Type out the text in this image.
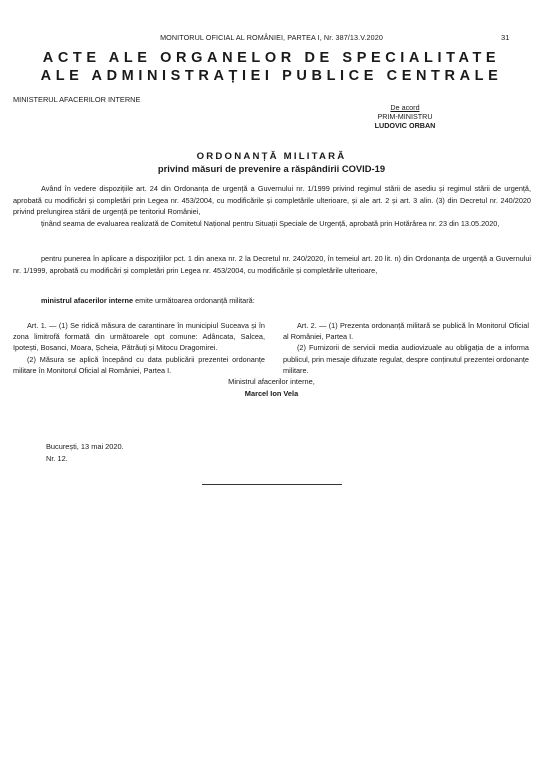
MONITORUL OFICIAL AL ROMÂNIEI, PARTEA I, Nr. 387/13.V.2020	31
ACTE ALE ORGANELOR DE SPECIALITATE
ALE ADMINISTRAȚIEI PUBLICE CENTRALE
MINISTERUL AFACERILOR INTERNE
De acord
PRIM-MINISTRU
LUDOVIC ORBAN
ORDONANȚĂ MILITARĂ
privind măsuri de prevenire a răspândirii COVID-19

Având în vedere dispozițiile art. 24 din Ordonanța de urgență a Guvernului nr. 1/1999 privind regimul stării de asediu și regimul stării de urgență, aprobată cu modificări și completări prin Legea nr. 453/2004, cu modificările și completările ulterioare, și ale art. 2 și art. 3 alin. (3) din Decretul nr. 240/2020 privind prelungirea stării de urgență pe teritoriul României,

ținând seama de evaluarea realizată de Comitetul Național pentru Situații Speciale de Urgență, aprobată prin Hotărârea nr. 23 din 13.05.2020,

pentru punerea în aplicare a dispozițiilor pct. 1 din anexa nr. 2 la Decretul nr. 240/2020, în temeiul art. 20 lit. n) din Ordonanța de urgență a Guvernului nr. 1/1999, aprobată cu modificări și completări prin Legea nr. 453/2004, cu modificările și completările ulterioare,

ministrul afacerilor interne emite următoarea ordonanță militară:

Art. 1. — (1) Se ridică măsura de carantinare în municipiul Suceava și în zona limitrofă formată din următoarele opt comune: Adâncata, Salcea, Ipotești, Bosanci, Moara, Șcheia, Pătrăuți și Mitocu Dragomirei.

(2) Măsura se aplică începând cu data publicării prezentei ordonanțe militare în Monitorul Oficial al României, Partea I.

Art. 2. — (1) Prezenta ordonanță militară se publică în Monitorul Oficial al României, Partea I.

(2) Furnizorii de servicii media audiovizuale au obligația de a informa publicul, prin mesaje difuzate regulat, despre conținutul prezentei ordonanțe militare.

Ministrul afacerilor interne,
Marcel Ion Vela
București, 13 mai 2020.
Nr. 12.
